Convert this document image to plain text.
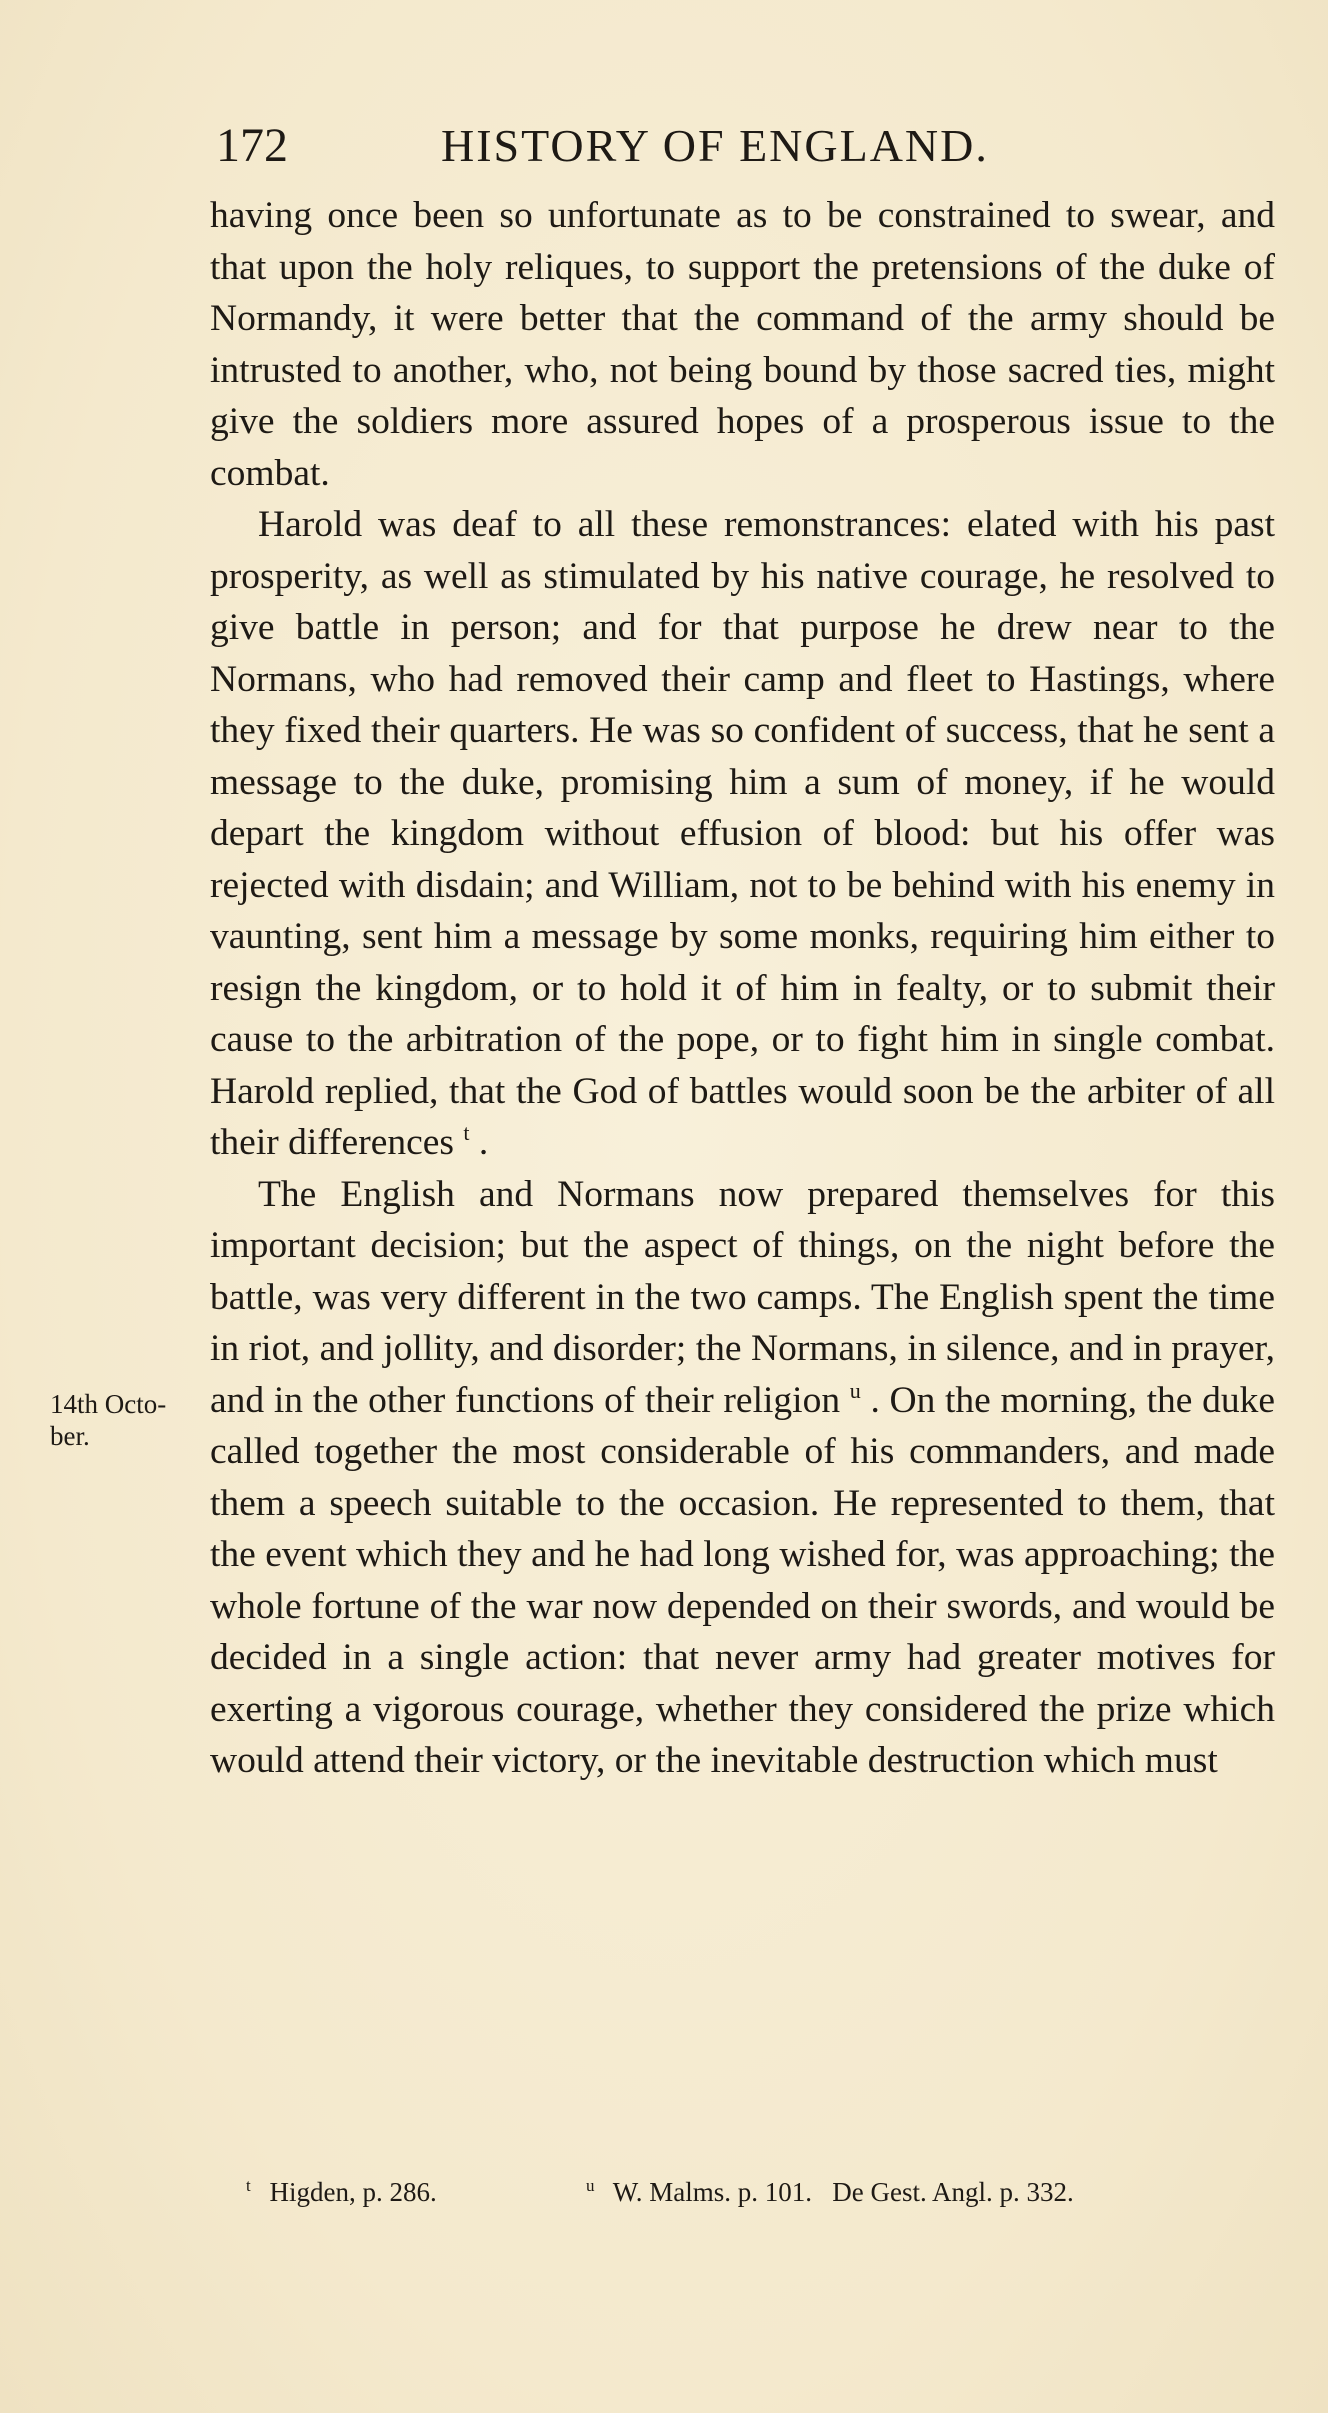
172	HISTORY OF ENGLAND.
14th Octo-ber.

having once been so unfortunate as to be constrained to swear, and that upon the holy reliques, to support the pretensions of the duke of Normandy, it were better that the command of the army should be intrusted to another, who, not being bound by those sacred ties, might give the soldiers more assured hopes of a prosperous issue to the combat.

Harold was deaf to all these remonstrances: elated with his past prosperity, as well as stimulated by his native courage, he resolved to give battle in person; and for that purpose he drew near to the Normans, who had removed their camp and fleet to Hastings, where they fixed their quarters. He was so confident of success, that he sent a message to the duke, promising him a sum of money, if he would depart the kingdom without effusion of blood: but his offer was rejected with disdain; and William, not to be behind with his enemy in vaunting, sent him a message by some monks, requiring him either to resign the kingdom, or to hold it of him in fealty, or to submit their cause to the arbitration of the pope, or to fight him in single combat. Harold replied, that the God of battles would soon be the arbiter of all their differences $^t$ .

The English and Normans now prepared themselves for this important decision; but the aspect of things, on the night before the battle, was very different in the two camps. The English spent the time in riot, and jollity, and disorder; the Normans, in silence, and in prayer, and in the other functions of their religion $^u$ . On the morning, the duke called together the most considerable of his commanders, and made them a speech suitable to the occasion. He represented to them, that the event which they and he had long wished for, was approaching; the whole fortune of the war now depended on their swords, and would be decided in a single action: that never army had greater motives for exerting a vigorous courage, whether they considered the prize which would attend their victory, or the inevitable destruction which must

$^t$ Higden, p. 286.	$^u$ W. Malms. p. 101.   De Gest. Angl. p. 332.
